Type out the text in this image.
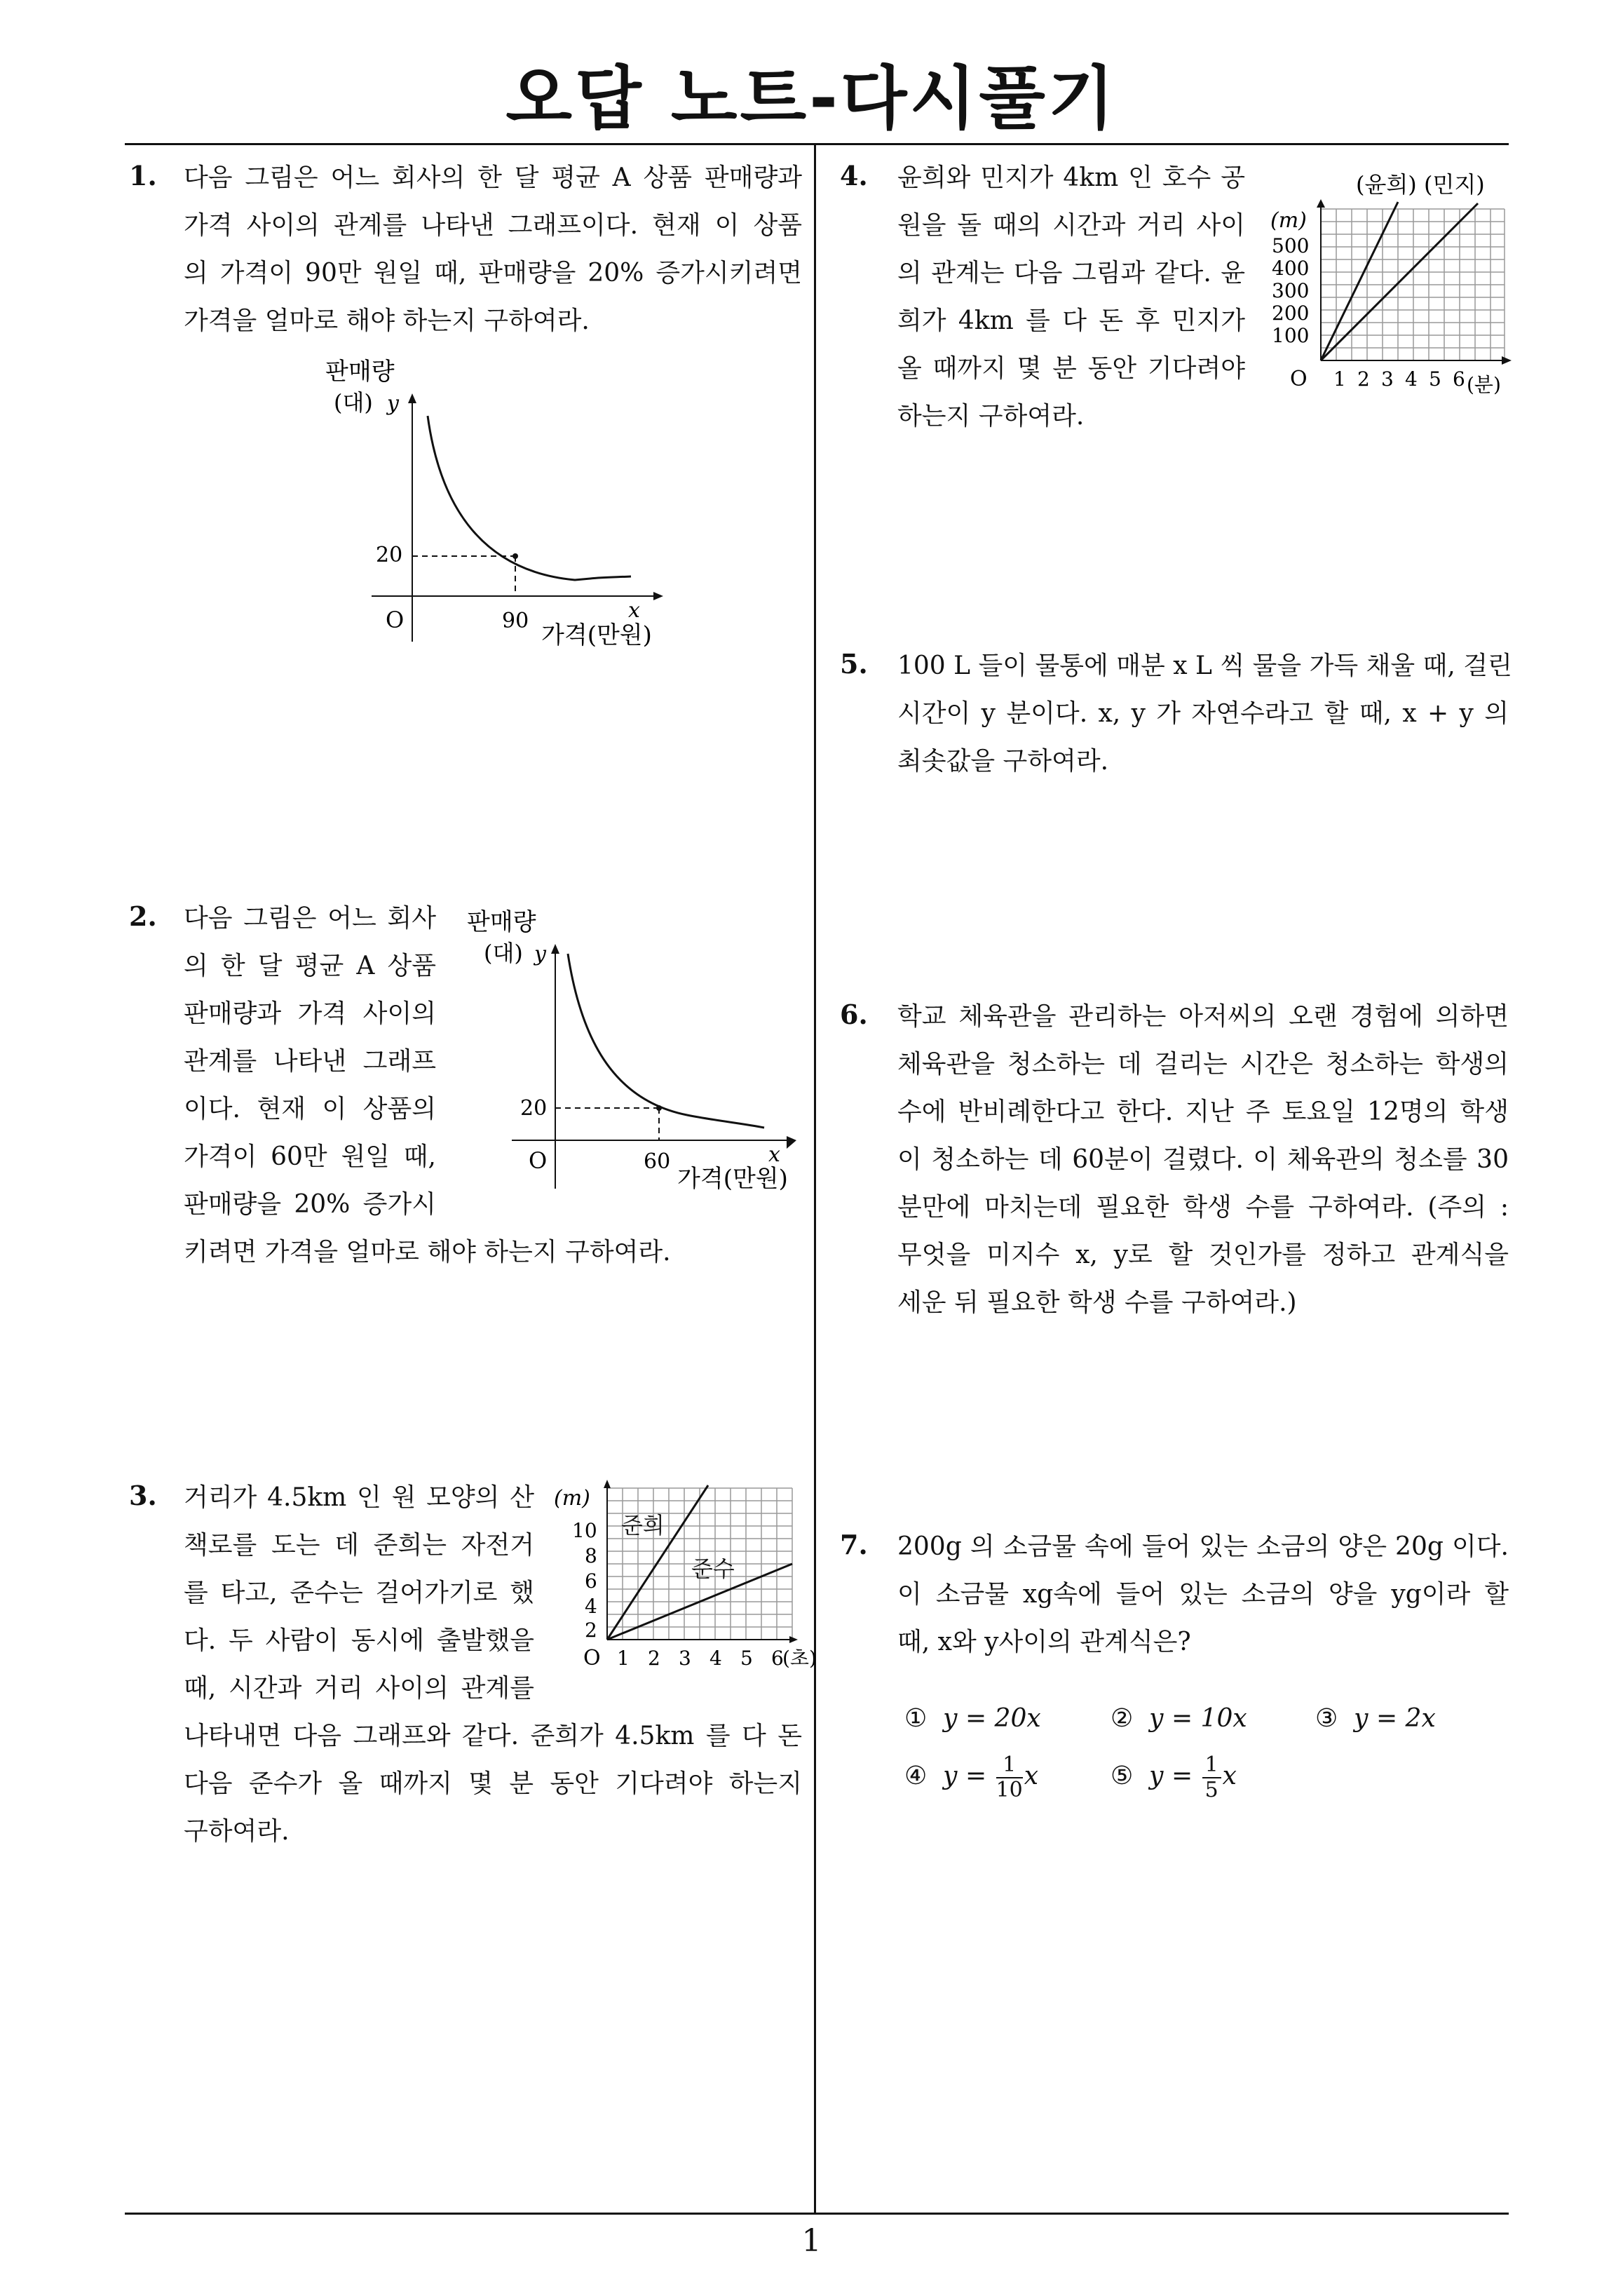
오답 노트-다시풀기
1
1. 다음 그림은 어느 회사의 한 달 평균 A 상품 판매량과
가격 사이의 관계를 나타낸 그래프이다. 현재 이 상품
의 가격이 90만 원일 때, 판매량을 20% 증가시키려면
가격을 얼마로 해야 하는지 구하여라.
판매량
(대) y
20
O	90	x
가격(만원)
2. 다음 그림은 어느 회사
의 한 달 평균 A 상품
판매량과 가격 사이의
관계를 나타낸 그래프
이다. 현재 이 상품의
가격이 60만 원일 때,
판매량을 20% 증가시
키려면 가격을 얼마로 해야 하는지 구하여라.
판매량
(대) y
20
O	60	x
가격(만원)
3. 거리가 4.5km 인 원 모양의 산
책로를 도는 데 준희는 자전거
를 타고, 준수는 걸어가기로 했
다. 두 사람이 동시에 출발했을
때, 시간과 거리 사이의 관계를
나타내면 다음 그래프와 같다. 준희가 4.5km 를 다 돈
다음 준수가 올 때까지 몇 분 동안 기다려야 하는지
구하여라.
(m)
10
8
6
4
2
O 1 2 3 4 5 6
(초)
준희
준수
4. 윤희와 민지가 4km 인 호수 공
원을 돌 때의 시간과 거리 사이
의 관계는 다음 그림과 같다. 윤
희가 4km 를 다 돈 후 민지가
올 때까지 몇 분 동안 기다려야
하는지 구하여라.
(윤희) (민지)
(m)
500
400
300
200
100
O 1 2 3 4 5 6 (분)
5. 100 L 들이 물통에 매분 x L 씩 물을 가득 채울 때, 걸린
시간이 y 분이다. x, y 가 자연수라고 할 때, x + y 의
최솟값을 구하여라.
6. 학교 체육관을 관리하는 아저씨의 오랜 경험에 의하면
체육관을 청소하는 데 걸리는 시간은 청소하는 학생의
수에 반비례한다고 한다. 지난 주 토요일 12명의 학생
이 청소하는 데 60분이 걸렸다. 이 체육관의 청소를 30
분만에 마치는데 필요한 학생 수를 구하여라. (주의 :
무엇을 미지수 x, y로 할 것인가를 정하고 관계식을
세운 뒤 필요한 학생 수를 구하여라.)
7. 200g 의 소금물 속에 들어 있는 소금의 양은 20g 이다.
이 소금물 xg속에 들어 있는 소금의 양을 yg이라 할
때, x와 y사이의 관계식은?
① y = 20x	② y = 10x	③ y = 2x
④ $y = \frac{1}{10}$ x	⑤ $y = \frac{1}{5}$ x
